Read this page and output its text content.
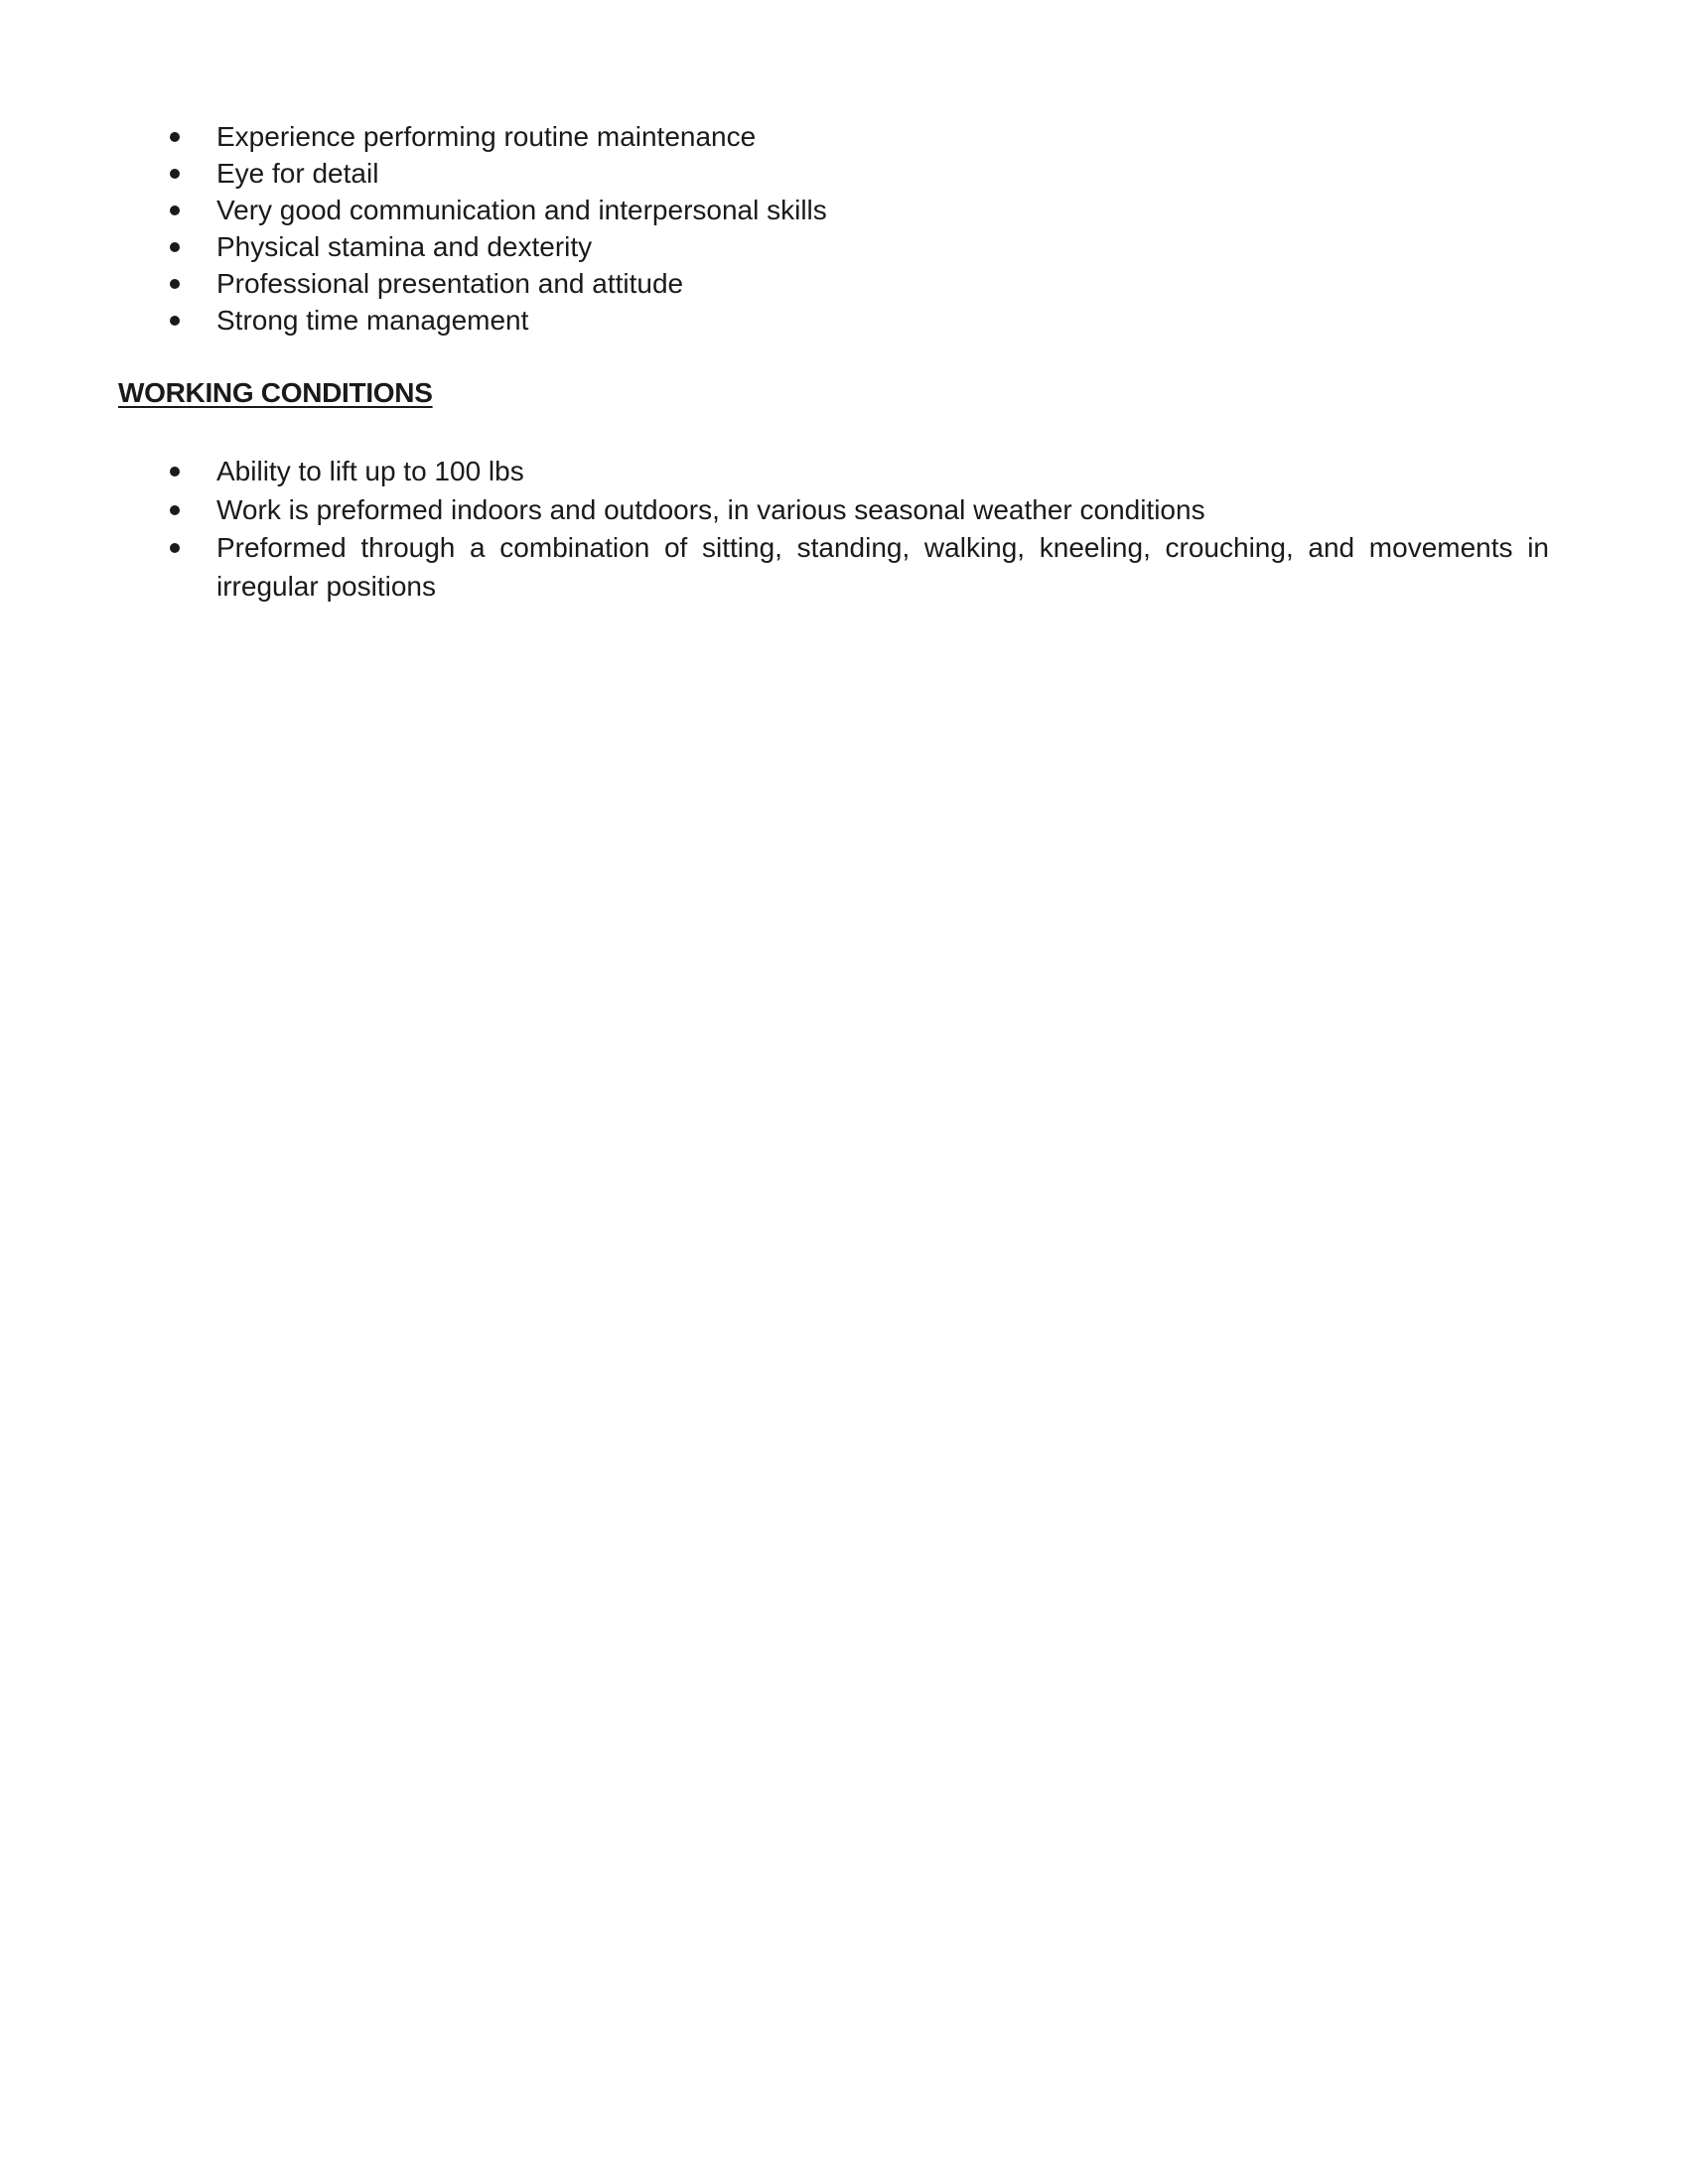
Experience performing routine maintenance
Eye for detail
Very good communication and interpersonal skills
Physical stamina and dexterity
Professional presentation and attitude
Strong time management
WORKING CONDITIONS
Ability to lift up to 100 lbs
Work is preformed indoors and outdoors, in various seasonal weather conditions
Preformed through a combination of sitting, standing, walking, kneeling, crouching, and movements in irregular positions
